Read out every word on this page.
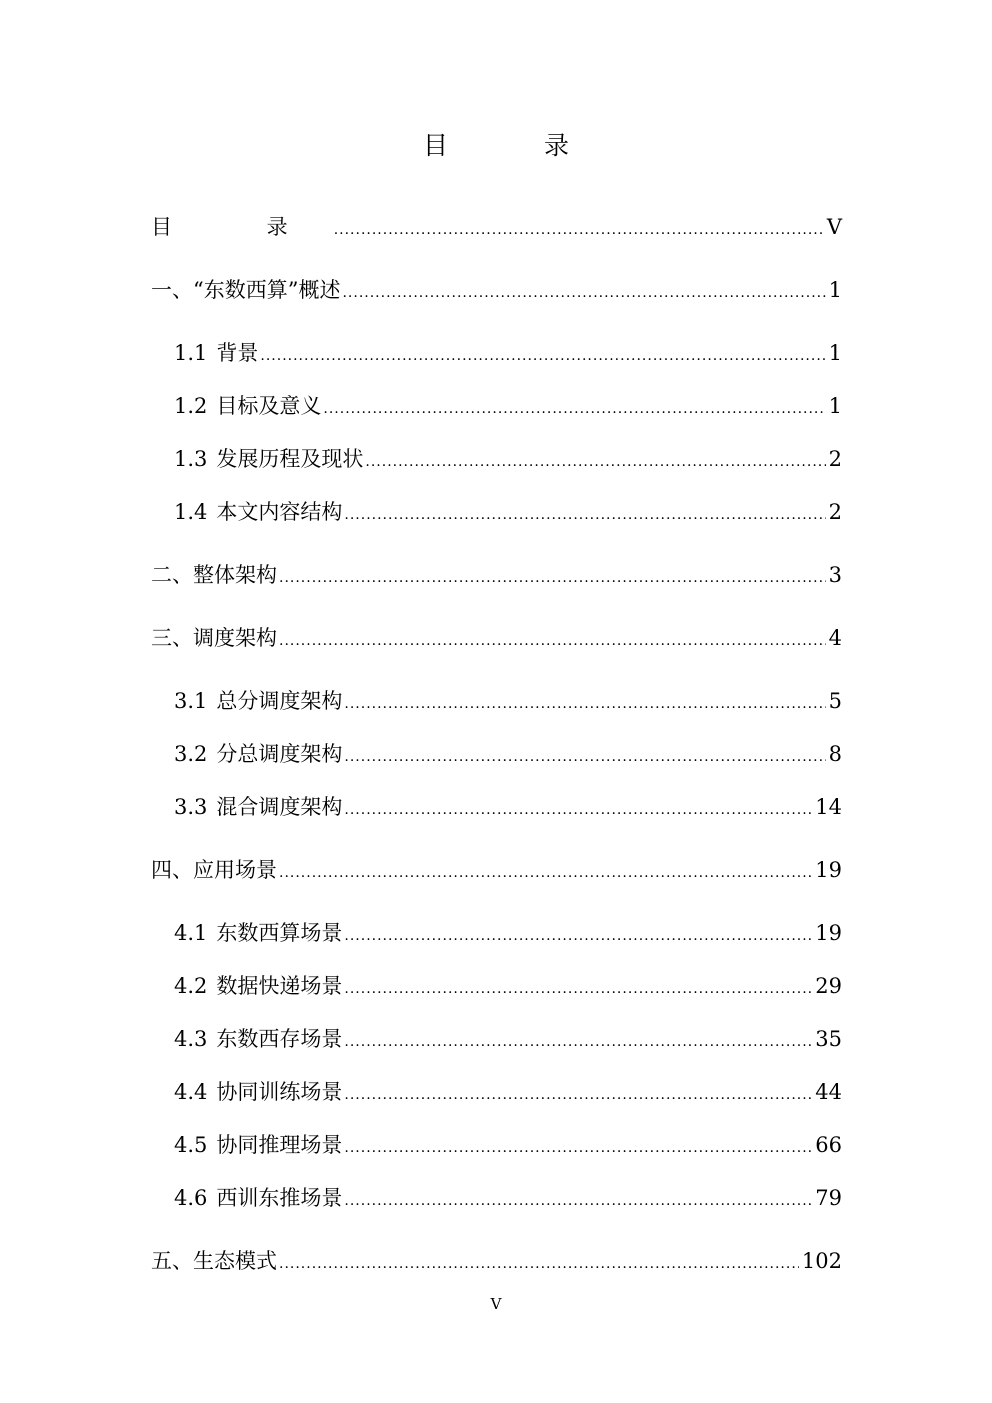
目 录
目 录 .....	V
一、“东数西算”概述 .....	1
1.1 背景 .....	1
1.2 目标及意义 .....	1
1.3 发展历程及现状 .....	2
1.4 本文内容结构 .....	2
二、整体架构 .....	3
三、调度架构 .....	4
3.1 总分调度架构 .....	5
3.2 分总调度架构 .....	8
3.3 混合调度架构 .....	14
四、应用场景 .....	19
4.1 东数西算场景 .....	19
4.2 数据快递场景 .....	29
4.3 东数西存场景 .....	35
4.4 协同训练场景 .....	44
4.5 协同推理场景 .....	66
4.6 西训东推场景 .....	79
五、生态模式 .....	102
V
